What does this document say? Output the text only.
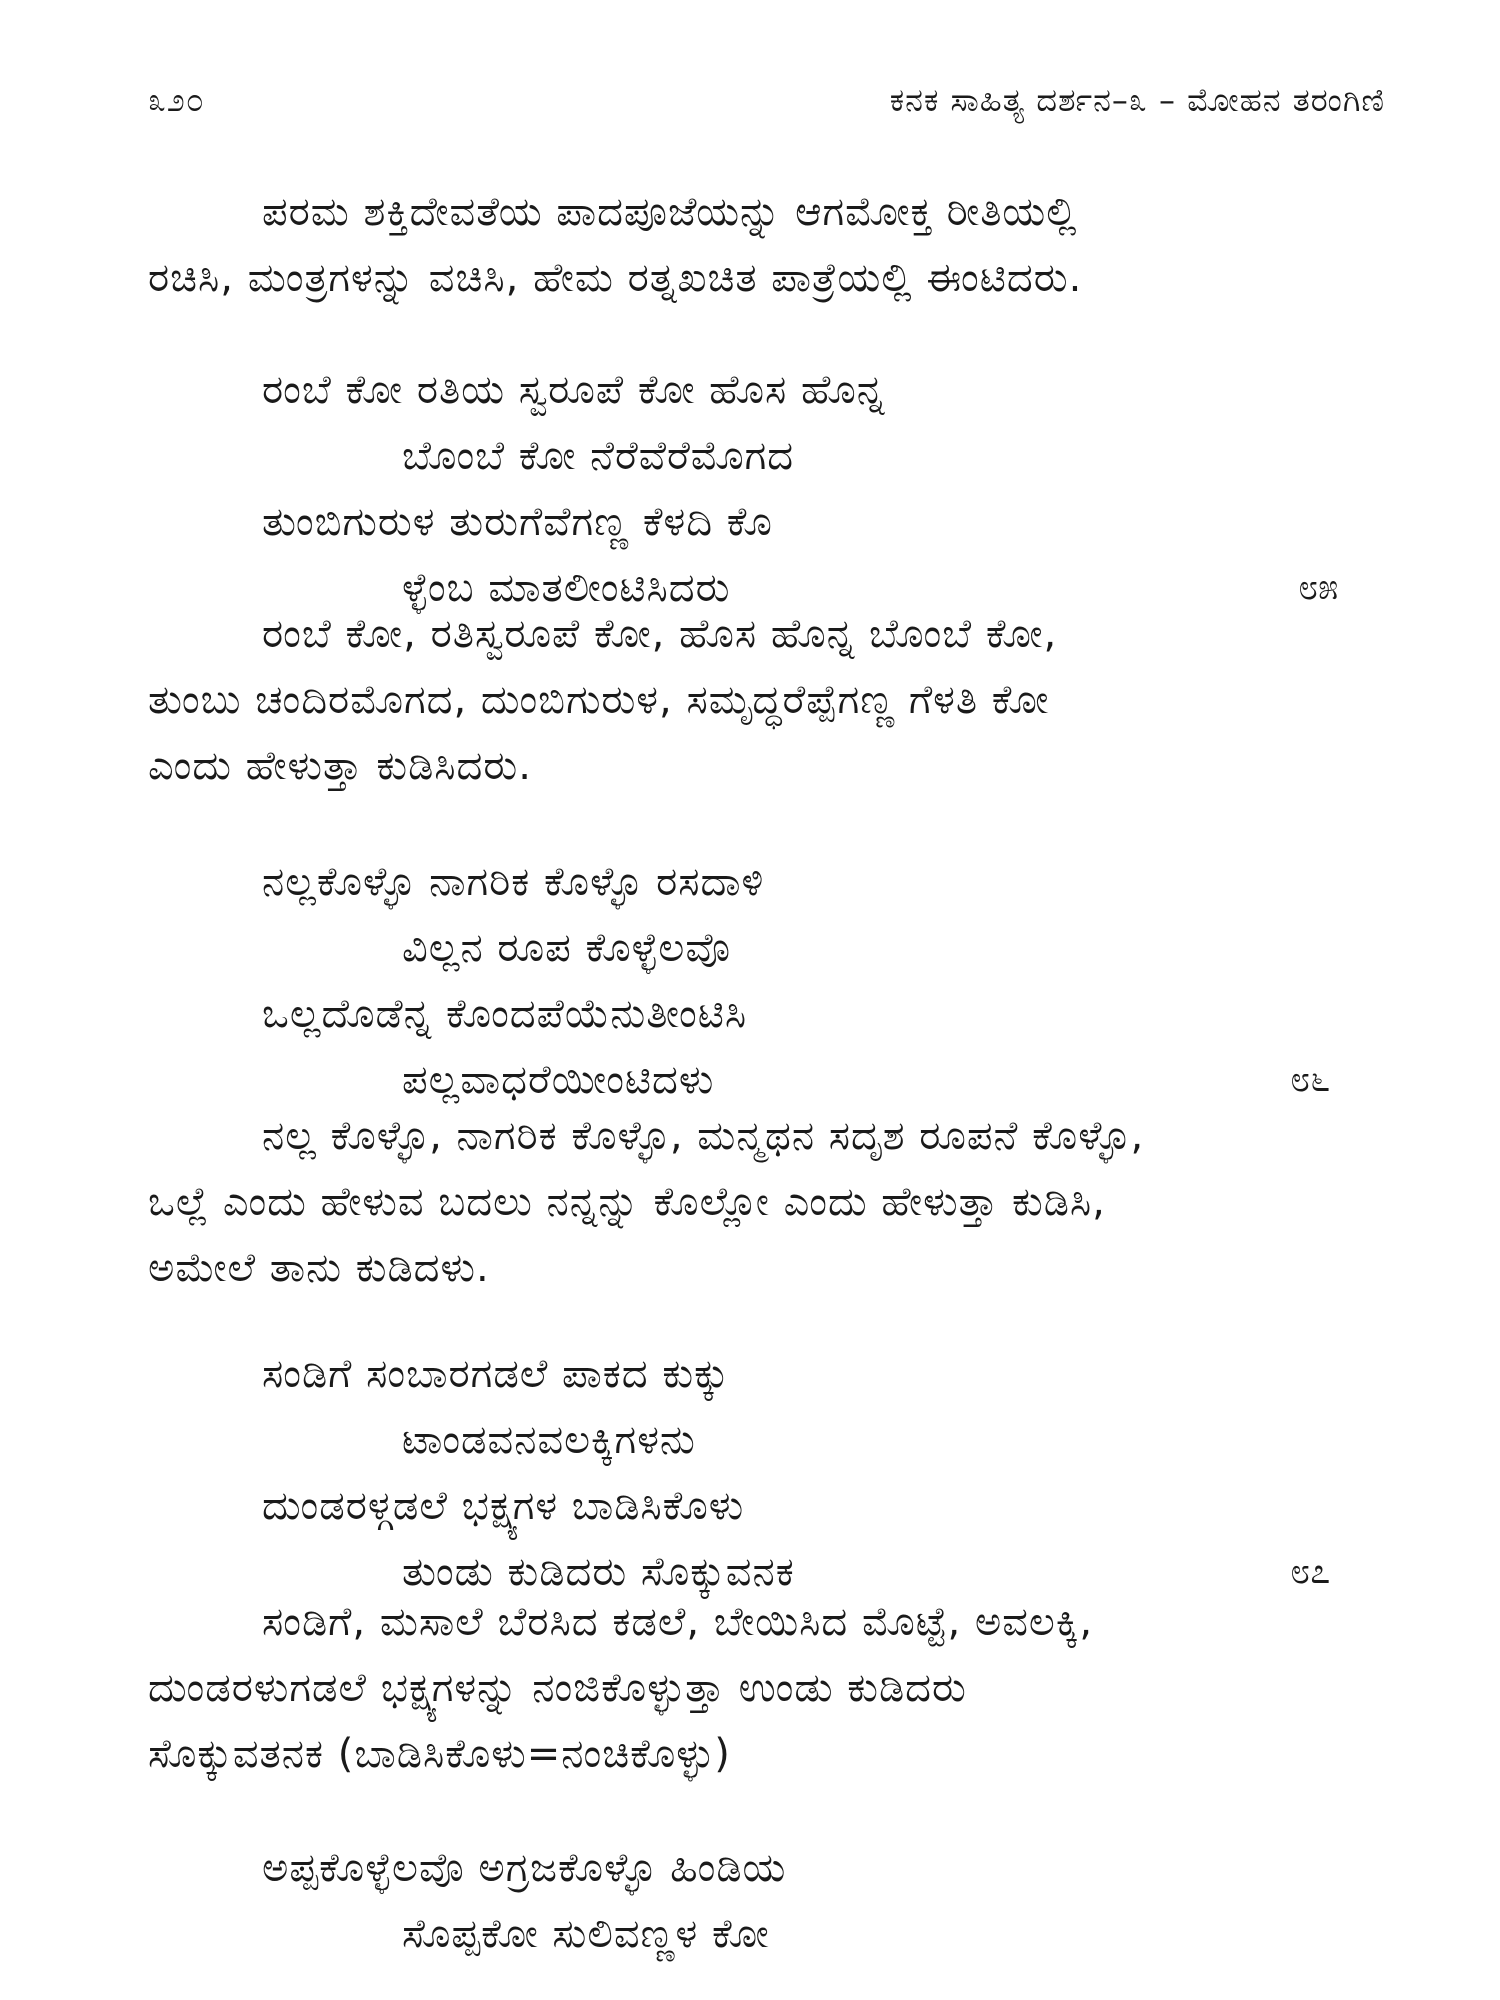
೩೨೦	ಕನಕ ಸಾಹಿತ್ಯ ದರ್ಶನ–೩ – ಮೋಹನ ತರಂಗಿಣಿ
ಪರಮ ಶಕ್ತಿದೇವತೆಯ ಪಾದಪೂಜೆಯನ್ನು ಆಗಮೋಕ್ತ ರೀತಿಯಲ್ಲಿ
ರಚಿಸಿ, ಮಂತ್ರಗಳನ್ನು ವಚಿಸಿ, ಹೇಮ ರತ್ನಖಚಿತ ಪಾತ್ರೆಯಲ್ಲಿ ಈಂಟಿದರು.
ರಂಬೆ ಕೋ ರತಿಯ ಸ್ವರೂಪೆ ಕೋ ಹೊಸ ಹೊನ್ನ
ಬೊಂಬೆ ಕೋ ನೆರೆವೆರೆಮೊಗದ
ತುಂಬಿಗುರುಳ ತುರುಗೆವೆಗಣ್ಣ ಕೆಳದಿ ಕೊ
ಳ್ಳೆಂಬ ಮಾತಲೀಂಟಿಸಿದರು	೮೫
ರಂಬೆ ಕೋ, ರತಿಸ್ವರೂಪೆ ಕೋ, ಹೊಸ ಹೊನ್ನ ಬೊಂಬೆ ಕೋ,
ತುಂಬು ಚಂದಿರಮೊಗದ, ದುಂಬಿಗುರುಳ, ಸಮೃದ್ಧರೆಪ್ಪೆಗಣ್ಣ ಗೆಳತಿ ಕೋ
ಎಂದು ಹೇಳುತ್ತಾ ಕುಡಿಸಿದರು.
ನಲ್ಲಕೊಳ್ಳೊ ನಾಗರಿಕ ಕೊಳ್ಳೊ ರಸದಾಳಿ
ವಿಲ್ಲನ ರೂಪ ಕೊಳ್ಳೆಲವೊ
ಒಲ್ಲದೊಡೆನ್ನ ಕೊಂದಪೆಯೆನುತೀಂಟಿಸಿ
ಪಲ್ಲವಾಧರೆಯೀಂಟಿದಳು	೮೬
ನಲ್ಲ ಕೊಳ್ಳೊ, ನಾಗರಿಕ ಕೊಳ್ಳೊ, ಮನ್ಮಥನ ಸದೃಶ ರೂಪನೆ ಕೊಳ್ಳೊ,
ಒಲ್ಲೆ ಎಂದು ಹೇಳುವ ಬದಲು ನನ್ನನ್ನು ಕೊಲ್ಲೋ ಎಂದು ಹೇಳುತ್ತಾ ಕುಡಿಸಿ,
ಅಮೇಲೆ ತಾನು ಕುಡಿದಳು.
ಸಂಡಿಗೆ ಸಂಬಾರಗಡಲೆ ಪಾಕದ ಕುಕ್ಕು
ಟಾಂಡವನವಲಕ್ಕಿಗಳನು
ದುಂಡರಳ್ಗಡಲೆ ಭಕ್ಷ್ಯಗಳ ಬಾಡಿಸಿಕೊಳು
ತುಂಡು ಕುಡಿದರು ಸೊಕ್ಕುವನಕ	೮೭
ಸಂಡಿಗೆ, ಮಸಾಲೆ ಬೆರಸಿದ ಕಡಲೆ, ಬೇಯಿಸಿದ ಮೊಟ್ಟೆ, ಅವಲಕ್ಕಿ,
ದುಂಡರಳುಗಡಲೆ ಭಕ್ಷ್ಯಗಳನ್ನು ನಂಜಿಕೊಳ್ಳುತ್ತಾ ಉಂಡು ಕುಡಿದರು
ಸೊಕ್ಕುವತನಕ (ಬಾಡಿಸಿಕೊಳು=ನಂಚಿಕೊಳ್ಳು)
ಅಪ್ಪಕೊಳ್ಳೆಲವೊ ಅಗ್ರಜಕೊಳ್ಳೊ ಹಿಂಡಿಯ
ಸೊಪ್ಪಕೋ ಸುಲಿವಣ್ಣಳ ಕೋ
